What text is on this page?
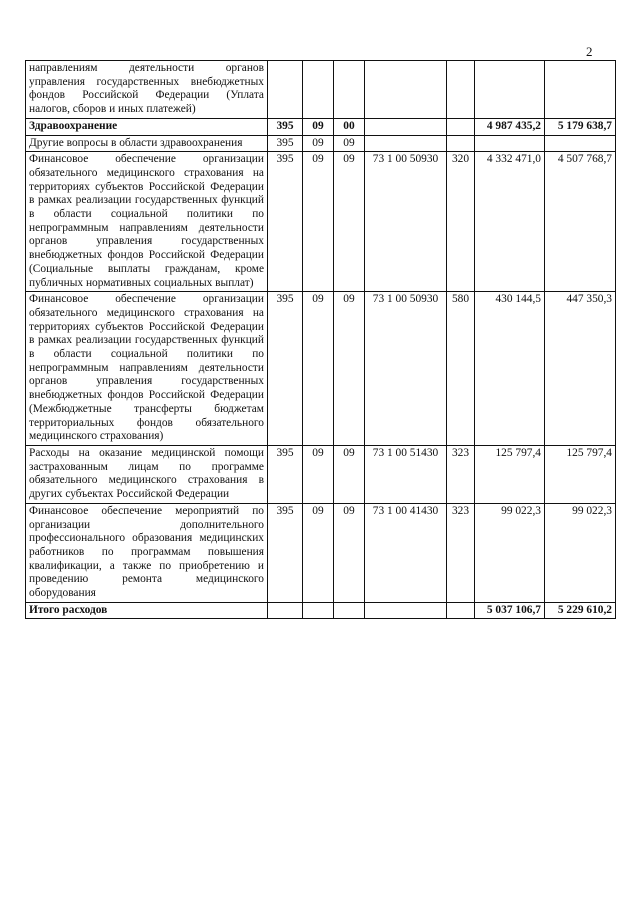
2
направлениям деятельности органов управления государственных внебюджетных фондов Российской Федерации (Уплата налогов, сборов и иных платежей)							
Здравоохранение	395	09	00			4 987 435,2	5 179 638,7
Другие вопросы в области здравоохранения	395	09	09				
Финансовое обеспечение организации обязательного медицинского страхования на территориях субъектов Российской Федерации в рамках реализации государственных функций в области социальной политики по непрограммным направлениям деятельности органов управления государственных внебюджетных фондов Российской Федерации (Социальные выплаты гражданам, кроме публичных нормативных социальных выплат)	395	09	09	73 1 00 50930	320	4 332 471,0	4 507 768,7
Финансовое обеспечение организации обязательного медицинского страхования на территориях субъектов Российской Федерации в рамках реализации государственных функций в области социальной политики по непрограммным направлениям деятельности органов управления государственных внебюджетных фондов Российской Федерации (Межбюджетные трансферты бюджетам территориальных фондов обязательного медицинского страхования)	395	09	09	73 1 00 50930	580	430 144,5	447 350,3
Расходы на оказание медицинской помощи застрахованным лицам по программе обязательного медицинского страхования в других субъектах Российской Федерации	395	09	09	73 1 00 51430	323	125 797,4	125 797,4
Финансовое обеспечение мероприятий по организации дополнительного профессионального образования медицинских работников по программам повышения квалификации, а также по приобретению и проведению ремонта медицинского оборудования	395	09	09	73 1 00 41430	323	99 022,3	99 022,3
Итого расходов						5 037 106,7	5 229 610,2
